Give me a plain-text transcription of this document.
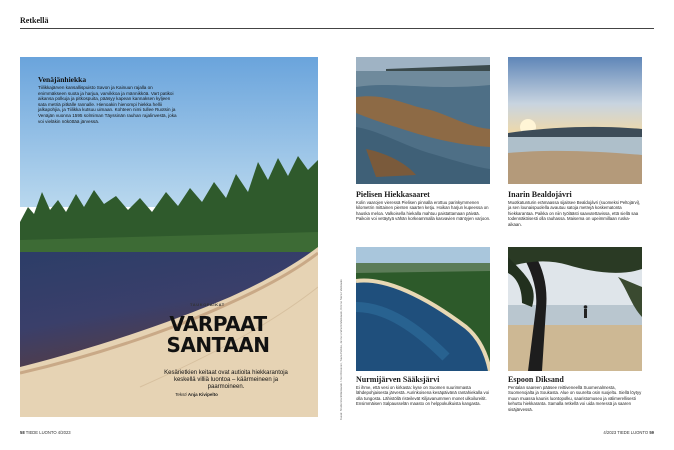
Retkellä
Venäjänhiekka
Tiilikkajärven kansallispuisto Savon ja Kainuun rajalla on enimmäkseen suota ja harjua, varvikkoa ja männikköä. Vart patikoi aikansa polkuja ja pitkospuita, pääsyy kapean kannaksen kyljeen sata metriä pitkälle rannalle. Hienoakin hienompi hiekka hellii jalkapohjia, ja Tiilikka kutsuu uimaan. Kohteen nimi tullee Ruotsin ja Venäjän vuonna 1595 solmiman Täyssinän rauhan rajalinvestä, joka voi vieläkin nököttää järvessä.
TAUKOPAIKAT
VARPAAT
SANTAAN
Kesärietkien keitaat ovat autioita hiekkarantoja keskellä villiä luontoa – käärmeineen ja paarmoineen.
Teksti Anja Kivipelto	Kuvat: Shutterstock/Vastavalo / Jani Rissanen, Tuula Peltola, Janne Lindholm/Vastavalo, Kimmo Saira / Vastavalo
Pielisen Hiekkasaaret

Kolin vaarojen vieressä Pielisen pinnalla erottuu parinkymmenen kilometrin mittainen pienten saarten ketju. Hoikan harjun kupeessa on hauska meloa. Valkoisella hiekalla mahtuu paistattamaan päivää. Paikoin voi vetäytyä vähän korkeammalla kasvavien mäntyjen varjoon.

Inarin Bealdojávri

Muotkatunturin erämaassa sijaitsee Bealdojávri (suomeksi Peltojärvi), ja sen lounaispuolella avautuu satoja metrejä koskematonta hiekkarantaa. Paikka on niin työläästi saavutettavissa, että siellä saa todennäköisesti olla rauhassa. Maisema on upeimmillaan ruska-aikaan.

Nurmijärven Sääksjärvi

Ei ihme, että vesi on kirkasta: kyse on Suomen suurimmasta lähdepohjaisesta järvestä. Aurinkoisena kesäpäivänä rantahiekalla voi olla tungosta. Lähistöllä risteilevät Kiljavanummen monet ulkoilureitit. Ensimmäisen Salpausselän maasto on helppokulkuista kangasta.

Espoon Diksand

Pentalan saareen pääsee reittiveneellä Suomenalmesta, Suomenojalta ja Soukasta. Alue on suurelta osin suojeltu. Siellä löytyy muun muassa kaunis luontopolku, saaristomuseo ja välimerellisesti kehuttu hiekkaranta. Samalla retkellä voi uida meressä ja saaren sisäjärvessä.

58 TIEDE LUONTO 4/2023	4/2023 TIEDE LUONTO 59
